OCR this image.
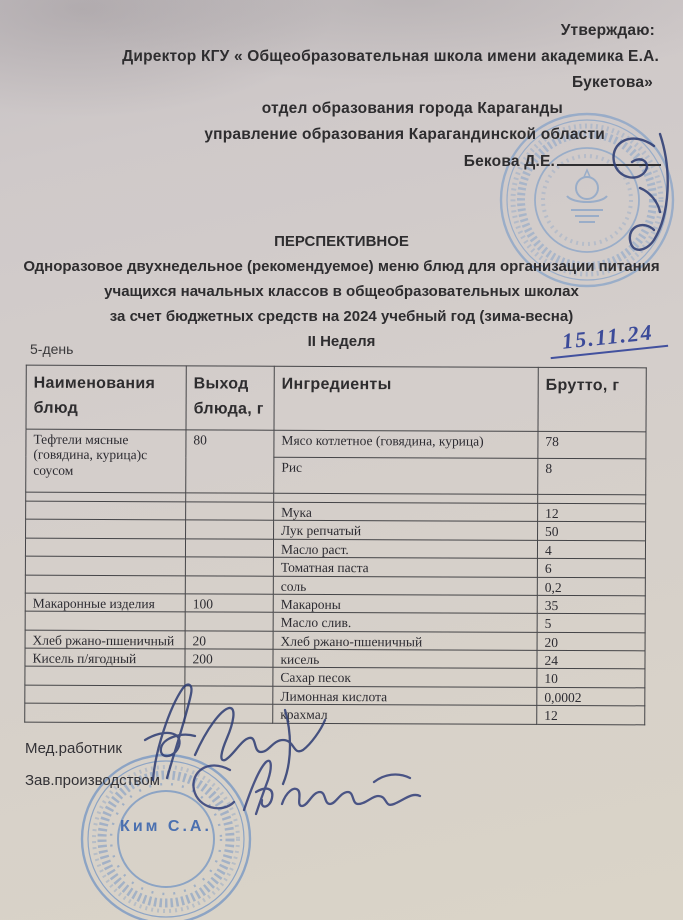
Утверждаю:
Директор КГУ « Общеобразовательная школа имени академика Е.А.
Букетова»
отдел образования города Караганды
управление образования Карагандинской области
Бекова Д.Е.
ПЕРСПЕКТИВНОЕ
Одноразовое двухнедельное (рекомендуемое) меню блюд для организации питания
учащихся начальных классов в общеобразовательных школах
за счет бюджетных средств на 2024 учебный год (зима-весна)
II Неделя
5-день	15.11.24
Наименования блюд	Выход блюда, г	Ингредиенты	Брутто, г
Тефтели мясные (говядина, курица)с соусом	80	Мясо котлетное (говядина, курица)	78
		Рис	8

		Мука	12
		Лук репчатый	50
		Масло раст.	4
		Томатная паста	6
		соль	0,2
Макаронные изделия	100	Макароны	35
		Масло слив.	5
Хлеб ржано-пшеничный	20	Хлеб ржано-пшеничный	20
Кисель п/ягодный	200	кисель	24
		Сахар песок	10
		Лимонная кислота	0,0002
		крахмал	12
Мед.работник
Зав.производством
Ким С.А.
